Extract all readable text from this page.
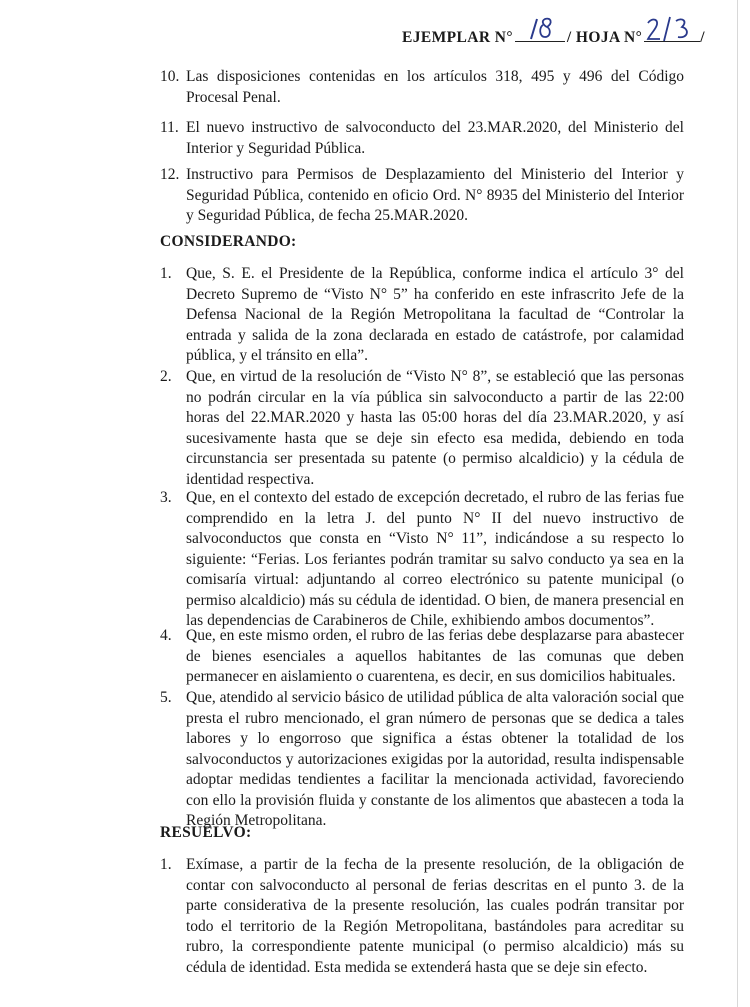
EJEMPLAR N°	/ HOJA N°	/
10. Las disposiciones contenidas en los artículos 318, 495 y 496 del Código Procesal Penal.
11. El nuevo instructivo de salvoconducto del 23.MAR.2020, del Ministerio del Interior y Seguridad Pública.
12. Instructivo para Permisos de Desplazamiento del Ministerio del Interior y Seguridad Pública, contenido en oficio Ord. N° 8935 del Ministerio del Interior y Seguridad Pública, de fecha 25.MAR.2020.
CONSIDERANDO:
1. Que, S. E. el Presidente de la República, conforme indica el artículo 3° del Decreto Supremo de “Visto N° 5” ha conferido en este infrascrito Jefe de la Defensa Nacional de la Región Metropolitana la facultad de “Controlar la entrada y salida de la zona declarada en estado de catástrofe, por calamidad pública, y el tránsito en ella”.
2. Que, en virtud de la resolución de “Visto N° 8”, se estableció que las personas no podrán circular en la vía pública sin salvoconducto a partir de las 22:00 horas del 22.MAR.2020 y hasta las 05:00 horas del día 23.MAR.2020, y así sucesivamente hasta que se deje sin efecto esa medida, debiendo en toda circunstancia ser presentada su patente (o permiso alcaldicio) y la cédula de identidad respectiva.
3. Que, en el contexto del estado de excepción decretado, el rubro de las ferias fue comprendido en la letra J. del punto N° II del nuevo instructivo de salvoconductos que consta en “Visto N° 11”, indicándose a su respecto lo siguiente: “Ferias. Los feriantes podrán tramitar su salvo conducto ya sea en la comisaría virtual: adjuntando al correo electrónico su patente municipal (o permiso alcaldicio) más su cédula de identidad. O bien, de manera presencial en las dependencias de Carabineros de Chile, exhibiendo ambos documentos”.
4. Que, en este mismo orden, el rubro de las ferias debe desplazarse para abastecer de bienes esenciales a aquellos habitantes de las comunas que deben permanecer en aislamiento o cuarentena, es decir, en sus domicilios habituales.
5. Que, atendido al servicio básico de utilidad pública de alta valoración social que presta el rubro mencionado, el gran número de personas que se dedica a tales labores y lo engorroso que significa a éstas obtener la totalidad de los salvoconductos y autorizaciones exigidas por la autoridad, resulta indispensable adoptar medidas tendientes a facilitar la mencionada actividad, favoreciendo con ello la provisión fluida y constante de los alimentos que abastecen a toda la Región Metropolitana.
RESUELVO:
1. Exímase, a partir de la fecha de la presente resolución, de la obligación de contar con salvoconducto al personal de ferias descritas en el punto 3. de la parte considerativa de la presente resolución, las cuales podrán transitar por todo el territorio de la Región Metropolitana, bastándoles para acreditar su rubro, la correspondiente patente municipal (o permiso alcaldicio) más su cédula de identidad. Esta medida se extenderá hasta que se deje sin efecto.
